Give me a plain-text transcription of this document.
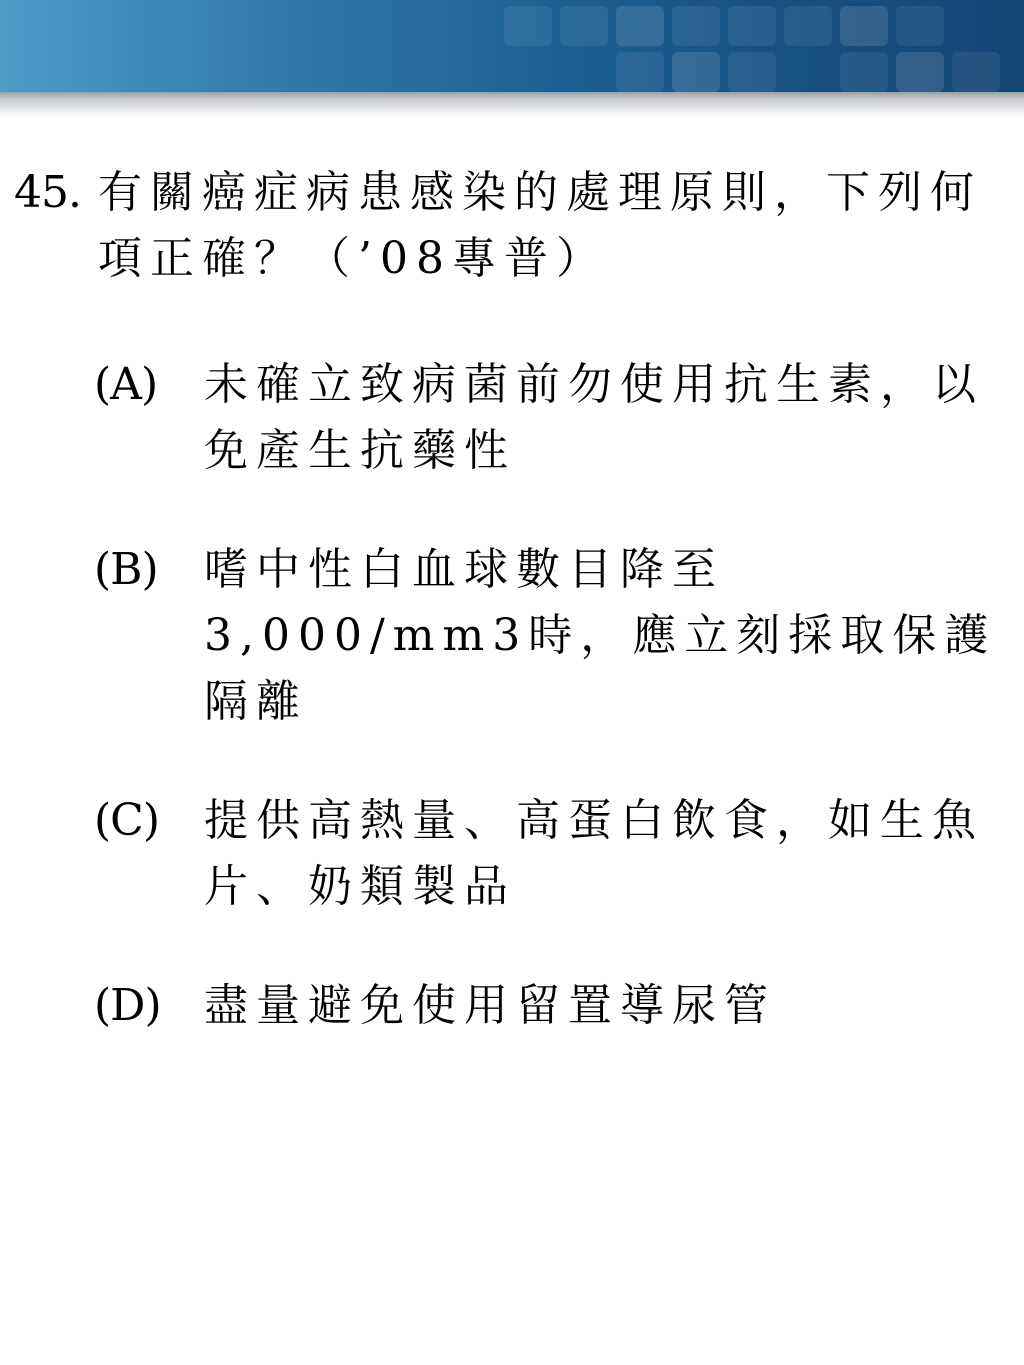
45. 有關癌症病患感染的處理原則，下列何項正確？（’08專普）
(A)	未確立致病菌前勿使用抗生素，以免產生抗藥性
(B)	嗜中性白血球數目降至3,000/mm3時，應立刻採取保護隔離
(C)	提供高熱量、高蛋白飲食，如生魚片、奶類製品
(D) 盡量避免使用留置導尿管
